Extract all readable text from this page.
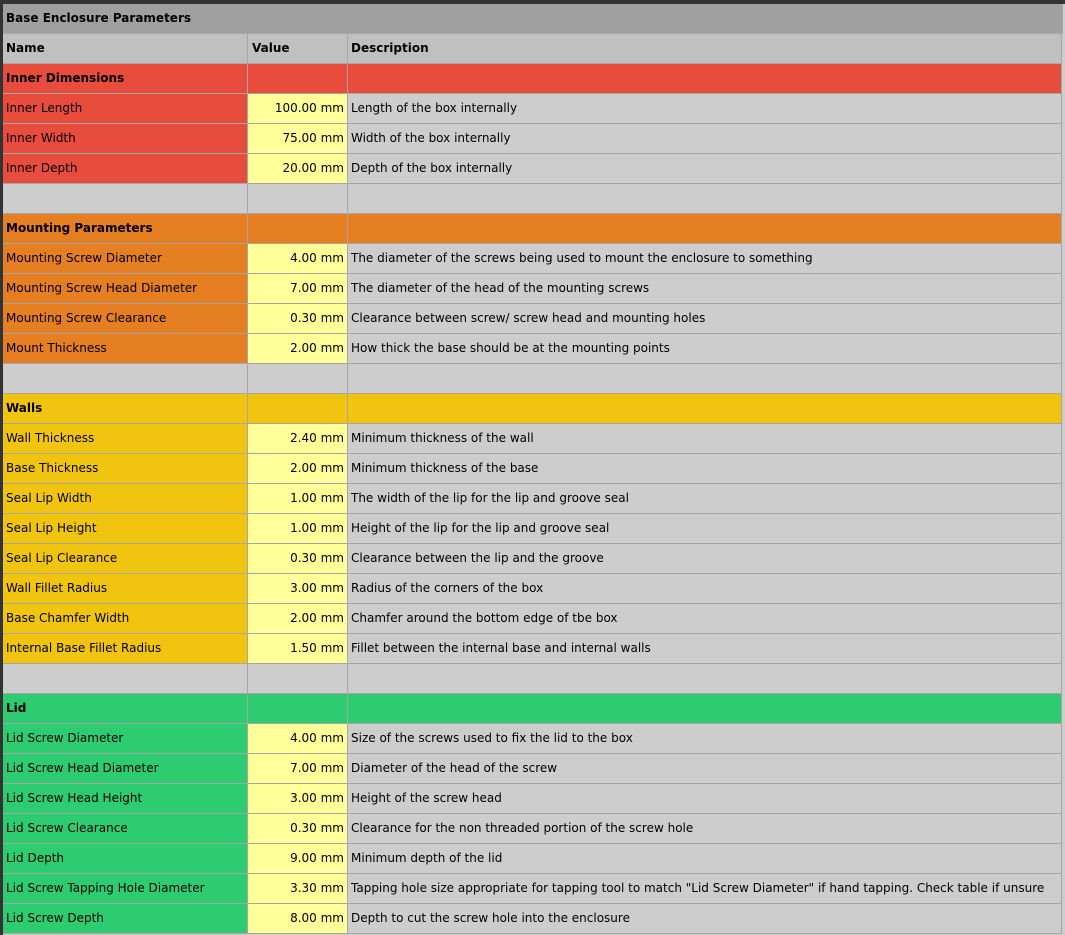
Base Enclosure Parameters
Name	Value	Description
Inner Dimensions
Inner Length	100.00 mm Length of the box internally
Inner Width	75.00 mm Width of the box internally
Inner Depth	20.00 mm Depth of the box internally
Mounting Parameters
Mounting Screw Diameter	4.00 mm The diameter of the screws being used to mount the enclosure to something
Mounting Screw Head Diameter	7.00 mm The diameter of the head of the mounting screws
Mounting Screw Clearance	0.30 mm Clearance between screw/ screw head and mounting holes
Mount Thickness	2.00 mm How thick the base should be at the mounting points
Walls
Wall Thickness	2.40 mm Minimum thickness of the wall
Base Thickness	2.00 mm Minimum thickness of the base
Seal Lip Width	1.00 mm The width of the lip for the lip and groove seal
Seal Lip Height	1.00 mm Height of the lip for the lip and groove seal
Seal Lip Clearance	0.30 mm Clearance between the lip and the groove
Wall Fillet Radius	3.00 mm Radius of the corners of the box
Base Chamfer Width	2.00 mm Chamfer around the bottom edge of tbe box
Internal Base Fillet Radius	1.50 mm Fillet between the internal base and internal walls
Lid
Lid Screw Diameter	4.00 mm Size of the screws used to fix the lid to the box
Lid Screw Head Diameter	7.00 mm Diameter of the head of the screw
Lid Screw Head Height	3.00 mm Height of the screw head
Lid Screw Clearance	0.30 mm Clearance for the non threaded portion of the screw hole
Lid Depth	9.00 mm Minimum depth of the lid
Lid Screw Tapping Hole Diameter	3.30 mm Tapping hole size appropriate for tapping tool to match "Lid Screw Diameter" if hand tapping. Check table if unsure
Lid Screw Depth	8.00 mm Depth to cut the screw hole into the enclosure
